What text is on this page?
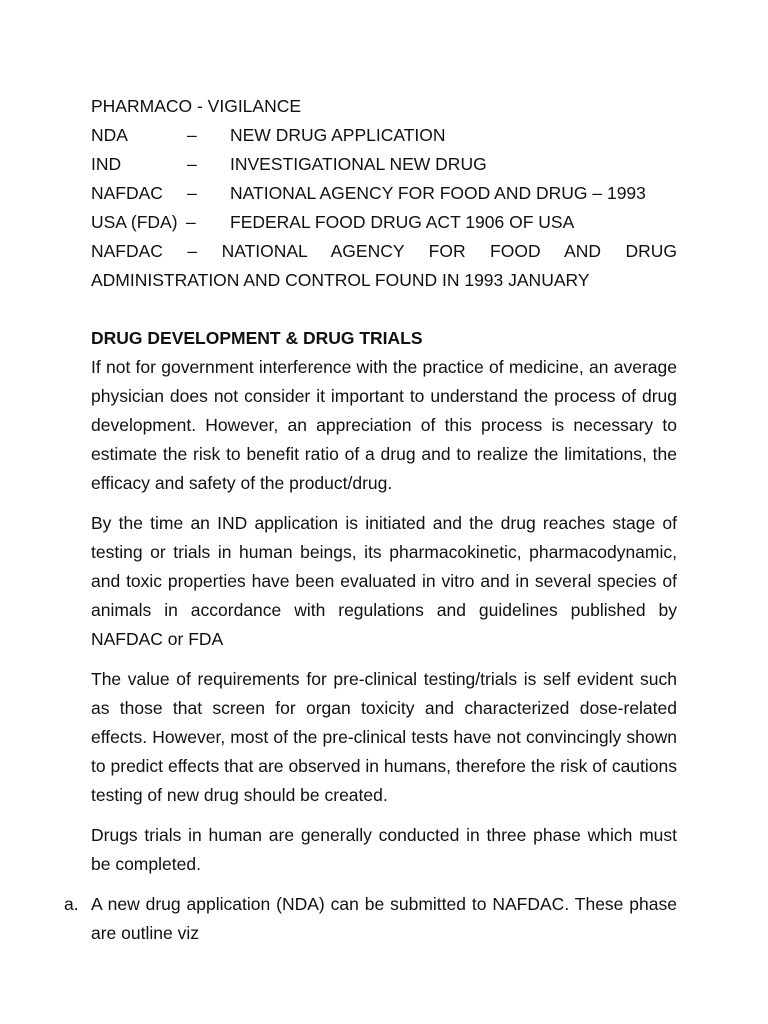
PHARMACO - VIGILANCE
NDA	–	NEW DRUG APPLICATION
IND	–	INVESTIGATIONAL NEW DRUG
NAFDAC	–	NATIONAL AGENCY FOR FOOD AND DRUG – 1993
USA (FDA) –	FEDERAL FOOD DRUG ACT 1906 OF USA
NAFDAC – NATIONAL AGENCY FOR FOOD AND DRUG ADMINISTRATION AND CONTROL FOUND IN 1993 JANUARY
DRUG DEVELOPMENT & DRUG TRIALS

If not for government interference with the practice of medicine, an average physician does not consider it important to understand the process of drug development. However, an appreciation of this process is necessary to estimate the risk to benefit ratio of a drug and to realize the limitations, the efficacy and safety of the product/drug.

By the time an IND application is initiated and the drug reaches stage of testing or trials in human beings, its pharmacokinetic, pharmacodynamic, and toxic properties have been evaluated in vitro and in several species of animals in accordance with regulations and guidelines published by NAFDAC or FDA

The value of requirements for pre-clinical testing/trials is self evident such as those that screen for organ toxicity and characterized dose-related effects. However, most of the pre-clinical tests have not convincingly shown to predict effects that are observed in humans, therefore the risk of cautions testing of new drug should be created.

Drugs trials in human are generally conducted in three phase which must be completed.

a. A new drug application (NDA) can be submitted to NAFDAC. These phase are outline viz
